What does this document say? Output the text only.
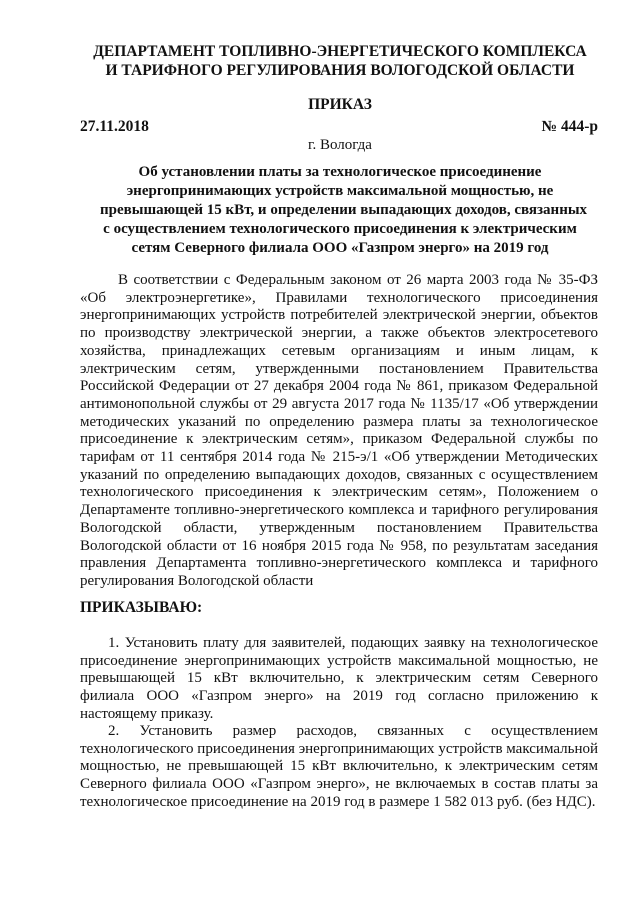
ДЕПАРТАМЕНТ ТОПЛИВНО-ЭНЕРГЕТИЧЕСКОГО КОМПЛЕКСА
И ТАРИФНОГО РЕГУЛИРОВАНИЯ ВОЛОГОДСКОЙ ОБЛАСТИ
ПРИКАЗ
27.11.2018	№ 444-р
г. Вологда
Об установлении платы за технологическое присоединение
энергопринимающих устройств максимальной мощностью, не
превышающей 15 кВт, и определении выпадающих доходов, связанных
с осуществлением технологического присоединения к электрическим
сетям Северного филиала ООО «Газпром энерго» на 2019 год

В соответствии с Федеральным законом от 26 марта 2003 года № 35-ФЗ «Об электроэнергетике», Правилами технологического присоединения энергопринимающих устройств потребителей электрической энергии, объектов по производству электрической энергии, а также объектов электросетевого хозяйства, принадлежащих сетевым организациям и иным лицам, к электрическим сетям, утвержденными постановлением Правительства Российской Федерации от 27 декабря 2004 года № 861, приказом Федеральной антимонопольной службы от 29 августа 2017 года № 1135/17 «Об утверждении методических указаний по определению размера платы за технологическое присоединение к электрическим сетям», приказом Федеральной службы по тарифам от 11 сентября 2014 года № 215-э/1 «Об утверждении Методических указаний по определению выпадающих доходов, связанных с осуществлением технологического присоединения к электрическим сетям», Положением о Департаменте топливно-энергетического комплекса и тарифного регулирования Вологодской области, утвержденным постановлением Правительства Вологодской области от 16 ноября 2015 года № 958, по результатам заседания правления Департамента топливно-энергетического комплекса и тарифного регулирования Вологодской области

ПРИКАЗЫВАЮ:

1. Установить плату для заявителей, подающих заявку на технологическое присоединение энергопринимающих устройств максимальной мощностью, не превышающей 15 кВт включительно, к электрическим сетям Северного филиала ООО «Газпром энерго» на 2019 год согласно приложению к настоящему приказу.

2. Установить размер расходов, связанных с осуществлением технологического присоединения энергопринимающих устройств максимальной мощностью, не превышающей 15 кВт включительно, к электрическим сетям Северного филиала ООО «Газпром энерго», не включаемых в состав платы за технологическое присоединение на 2019 год в размере 1 582 013 руб. (без НДС).
